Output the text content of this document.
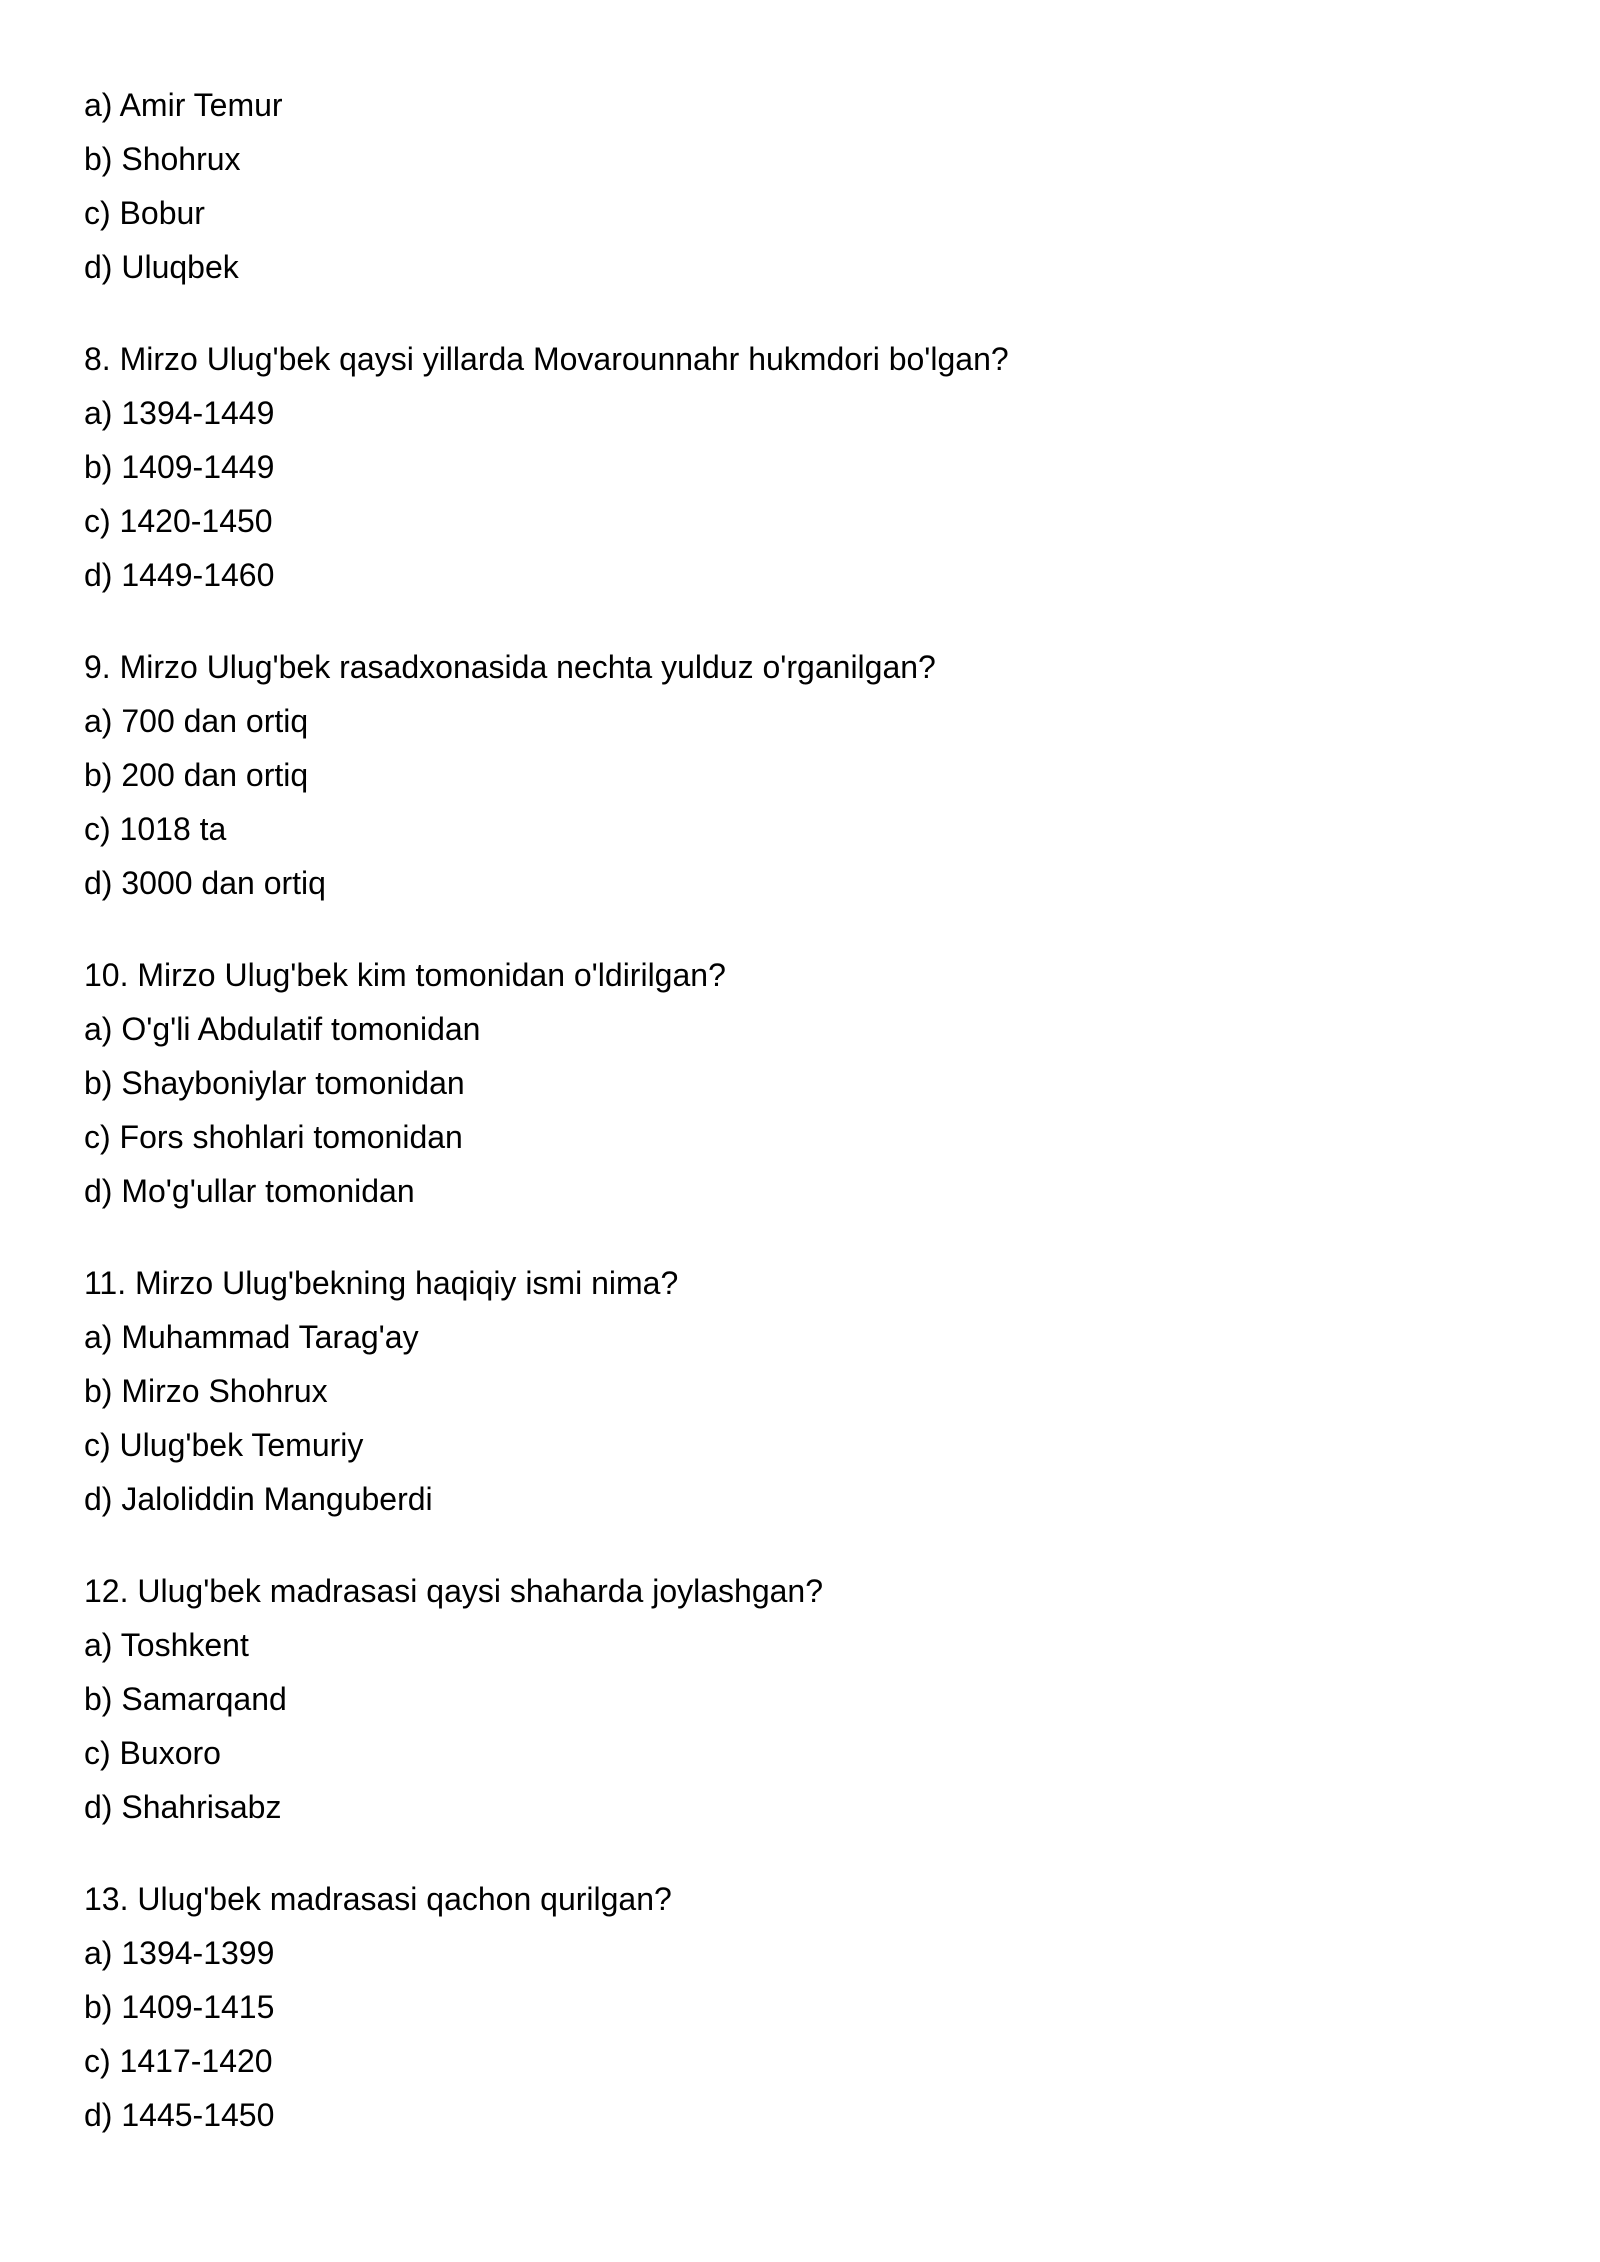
a) Amir Temur
b) Shohrux
c) Bobur
d) Uluqbek
8. Mirzo Ulug'bek qaysi yillarda Movarounnahr hukmdori bo'lgan?
a) 1394-1449
b) 1409-1449
c) 1420-1450
d) 1449-1460
9. Mirzo Ulug'bek rasadxonasida nechta yulduz o'rganilgan?
a) 700 dan ortiq
b) 200 dan ortiq
c) 1018 ta
d) 3000 dan ortiq
10. Mirzo Ulug'bek kim tomonidan o'ldirilgan?
a) O'g'li Abdulatif tomonidan
b) Shayboniylar tomonidan
c) Fors shohlari tomonidan
d) Mo'g'ullar tomonidan
11. Mirzo Ulug'bekning haqiqiy ismi nima?
a) Muhammad Tarag'ay
b) Mirzo Shohrux
c) Ulug'bek Temuriy
d) Jaloliddin Manguberdi
12. Ulug'bek madrasasi qaysi shaharda joylashgan?
a) Toshkent
b) Samarqand
c) Buxoro
d) Shahrisabz
13. Ulug'bek madrasasi qachon qurilgan?
a) 1394-1399
b) 1409-1415
c) 1417-1420
d) 1445-1450
